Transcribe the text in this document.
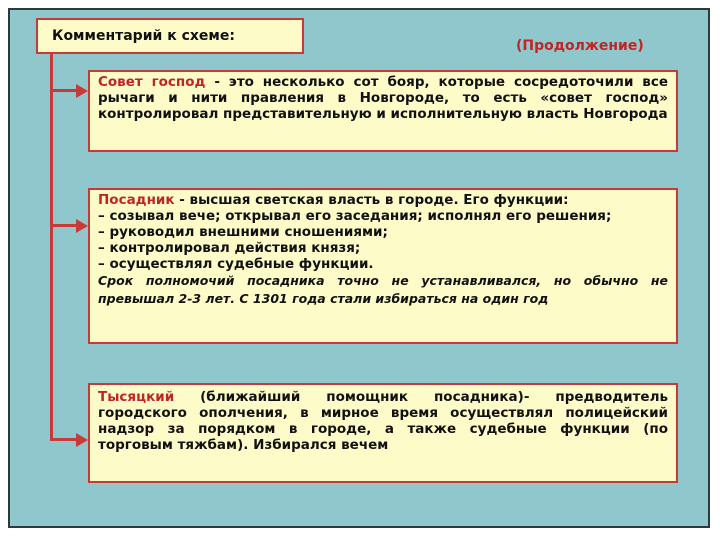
Комментарий к схеме:
(Продолжение)
Совет господ - это несколько сот бояр, которые сосредоточили все рычаги и нити правления в Новгороде, то есть «совет господ» контролировал представительную и исполнительную власть Новгорода
Посадник - высшая светская власть в городе. Его функции:
– созывал вече; открывал его заседания; исполнял его решения;
– руководил внешними сношениями;
– контролировал действия князя;
– осуществлял судебные функции.
Срок полномочий посадника точно не устанавливался, но обычно не превышал 2-3 лет. С 1301 года стали избираться на один год
Тысяцкий (ближайший помощник посадника)- предводитель городского ополчения, в мирное время осуществлял полицейский надзор за порядком в городе, а также судебные функции (по торговым тяжбам). Избирался вечем
